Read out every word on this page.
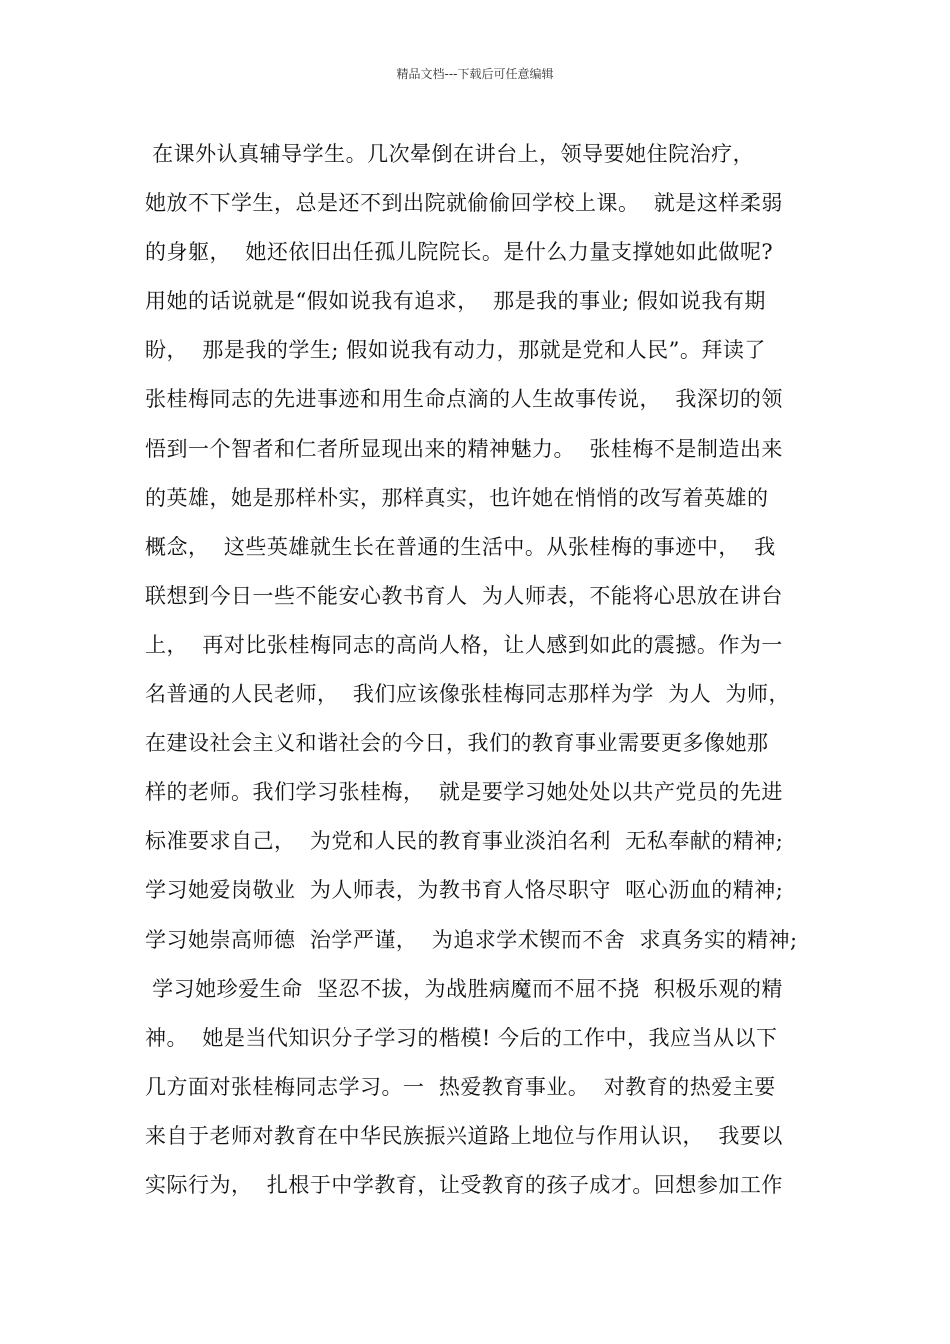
精品文档---下载后可任意编辑
在课外认真辅导学生。几次晕倒在讲台上，领导要她住院治疗，
她放不下学生，总是还不到出院就偷偷回学校上课。  就是这样柔弱
的身躯，  她还依旧出任孤儿院院长。是什么力量支撑她如此做呢?
用她的话说就是“假如说我有追求，  那是我的事业; 假如说我有期
盼，  那是我的学生; 假如说我有动力，那就是党和人民”。拜读了
张桂梅同志的先进事迹和用生命点滴的人生故事传说，  我深切的领
悟到一个智者和仁者所显现出来的精神魅力。  张桂梅不是制造出来
的英雄，她是那样朴实，那样真实，也许她在悄悄的改写着英雄的
概念，  这些英雄就生长在普通的生活中。从张桂梅的事迹中，  我
联想到今日一些不能安心教书育人  为人师表，不能将心思放在讲台
上，  再对比张桂梅同志的高尚人格，让人感到如此的震撼。作为一
名普通的人民老师，  我们应该像张桂梅同志那样为学  为人  为师，
在建设社会主义和谐社会的今日，我们的教育事业需要更多像她那
样的老师。我们学习张桂梅，  就是要学习她处处以共产党员的先进
标准要求自己，  为党和人民的教育事业淡泊名利  无私奉献的精神;
学习她爱岗敬业  为人师表，为教书育人恪尽职守  呕心沥血的精神;
学习她崇高师德  治学严谨，  为追求学术锲而不舍  求真务实的精神;
学习她珍爱生命  坚忍不拔，为战胜病魔而不屈不挠  积极乐观的精
神。  她是当代知识分子学习的楷模! 今后的工作中，我应当从以下
几方面对张桂梅同志学习。一  热爱教育事业。  对教育的热爱主要
来自于老师对教育在中华民族振兴道路上地位与作用认识，  我要以
实际行为，  扎根于中学教育，让受教育的孩子成才。回想参加工作
